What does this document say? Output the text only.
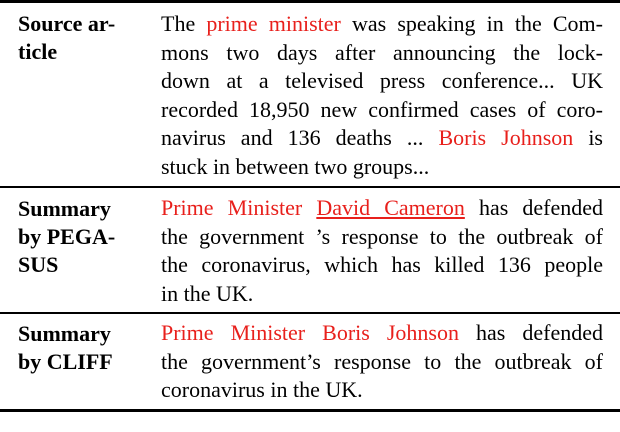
Source ar-
ticle
The prime minister was speaking in the Com-
mons two days after announcing the lock-
down at a televised press conference... UK
recorded 18,950 new confirmed cases of coro-
navirus and 136 deaths ... Boris Johnson is
stuck in between two groups...
Summary
by PEGA-
SUS
Prime Minister David Cameron has defended
the government ’s response to the outbreak of
the coronavirus, which has killed 136 people
in the UK.
Summary
by CLIFF
Prime Minister Boris Johnson has defended
the government’s response to the outbreak of
coronavirus in the UK.
